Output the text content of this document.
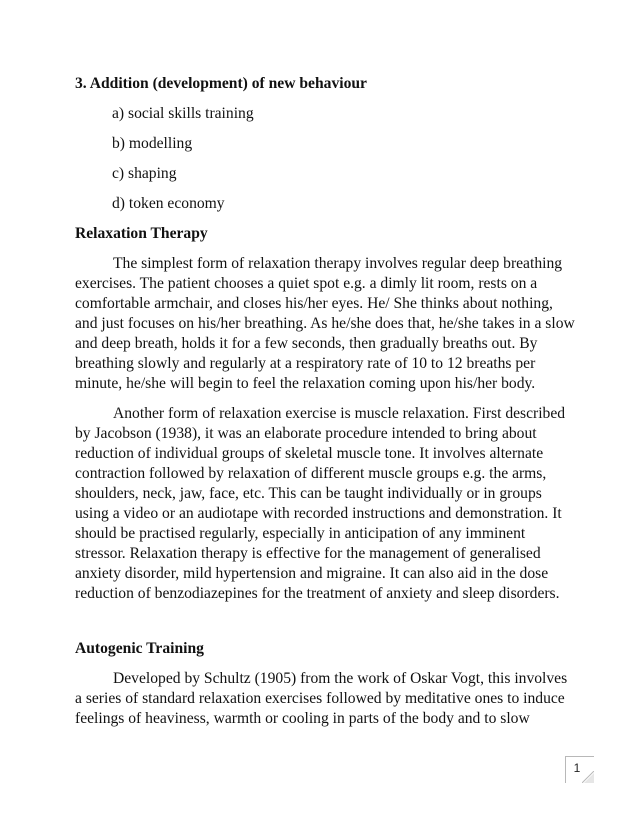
3. Addition (development) of new behaviour

a) social skills training
b) modelling
c) shaping
d) token economy

Relaxation Therapy

The simplest form of relaxation therapy involves regular deep breathing exercises. The patient chooses a quiet spot e.g. a dimly lit room, rests on a comfortable armchair, and closes his/her eyes. He/ She thinks about nothing, and just focuses on his/her breathing. As he/she does that, he/she takes in a slow and deep breath, holds it for a few seconds, then gradually breaths out. By breathing slowly and regularly at a respiratory rate of 10 to 12 breaths per minute, he/she will begin to feel the relaxation coming upon his/her body.

Another form of relaxation exercise is muscle relaxation. First described by Jacobson (1938), it was an elaborate procedure intended to bring about reduction of individual groups of skeletal muscle tone. It involves alternate contraction followed by relaxation of different muscle groups e.g. the arms, shoulders, neck, jaw, face, etc. This can be taught individually or in groups using a video or an audiotape with recorded instructions and demonstration. It should be practised regularly, especially in anticipation of any imminent stressor. Relaxation therapy is effective for the management of generalised anxiety disorder, mild hypertension and migraine. It can also aid in the dose reduction of benzodiazepines for the treatment of anxiety and sleep disorders.

Autogenic Training

Developed by Schultz (1905) from the work of Oskar Vogt, this involves a series of standard relaxation exercises followed by meditative ones to induce feelings of heaviness, warmth or cooling in parts of the body and to slow

1
